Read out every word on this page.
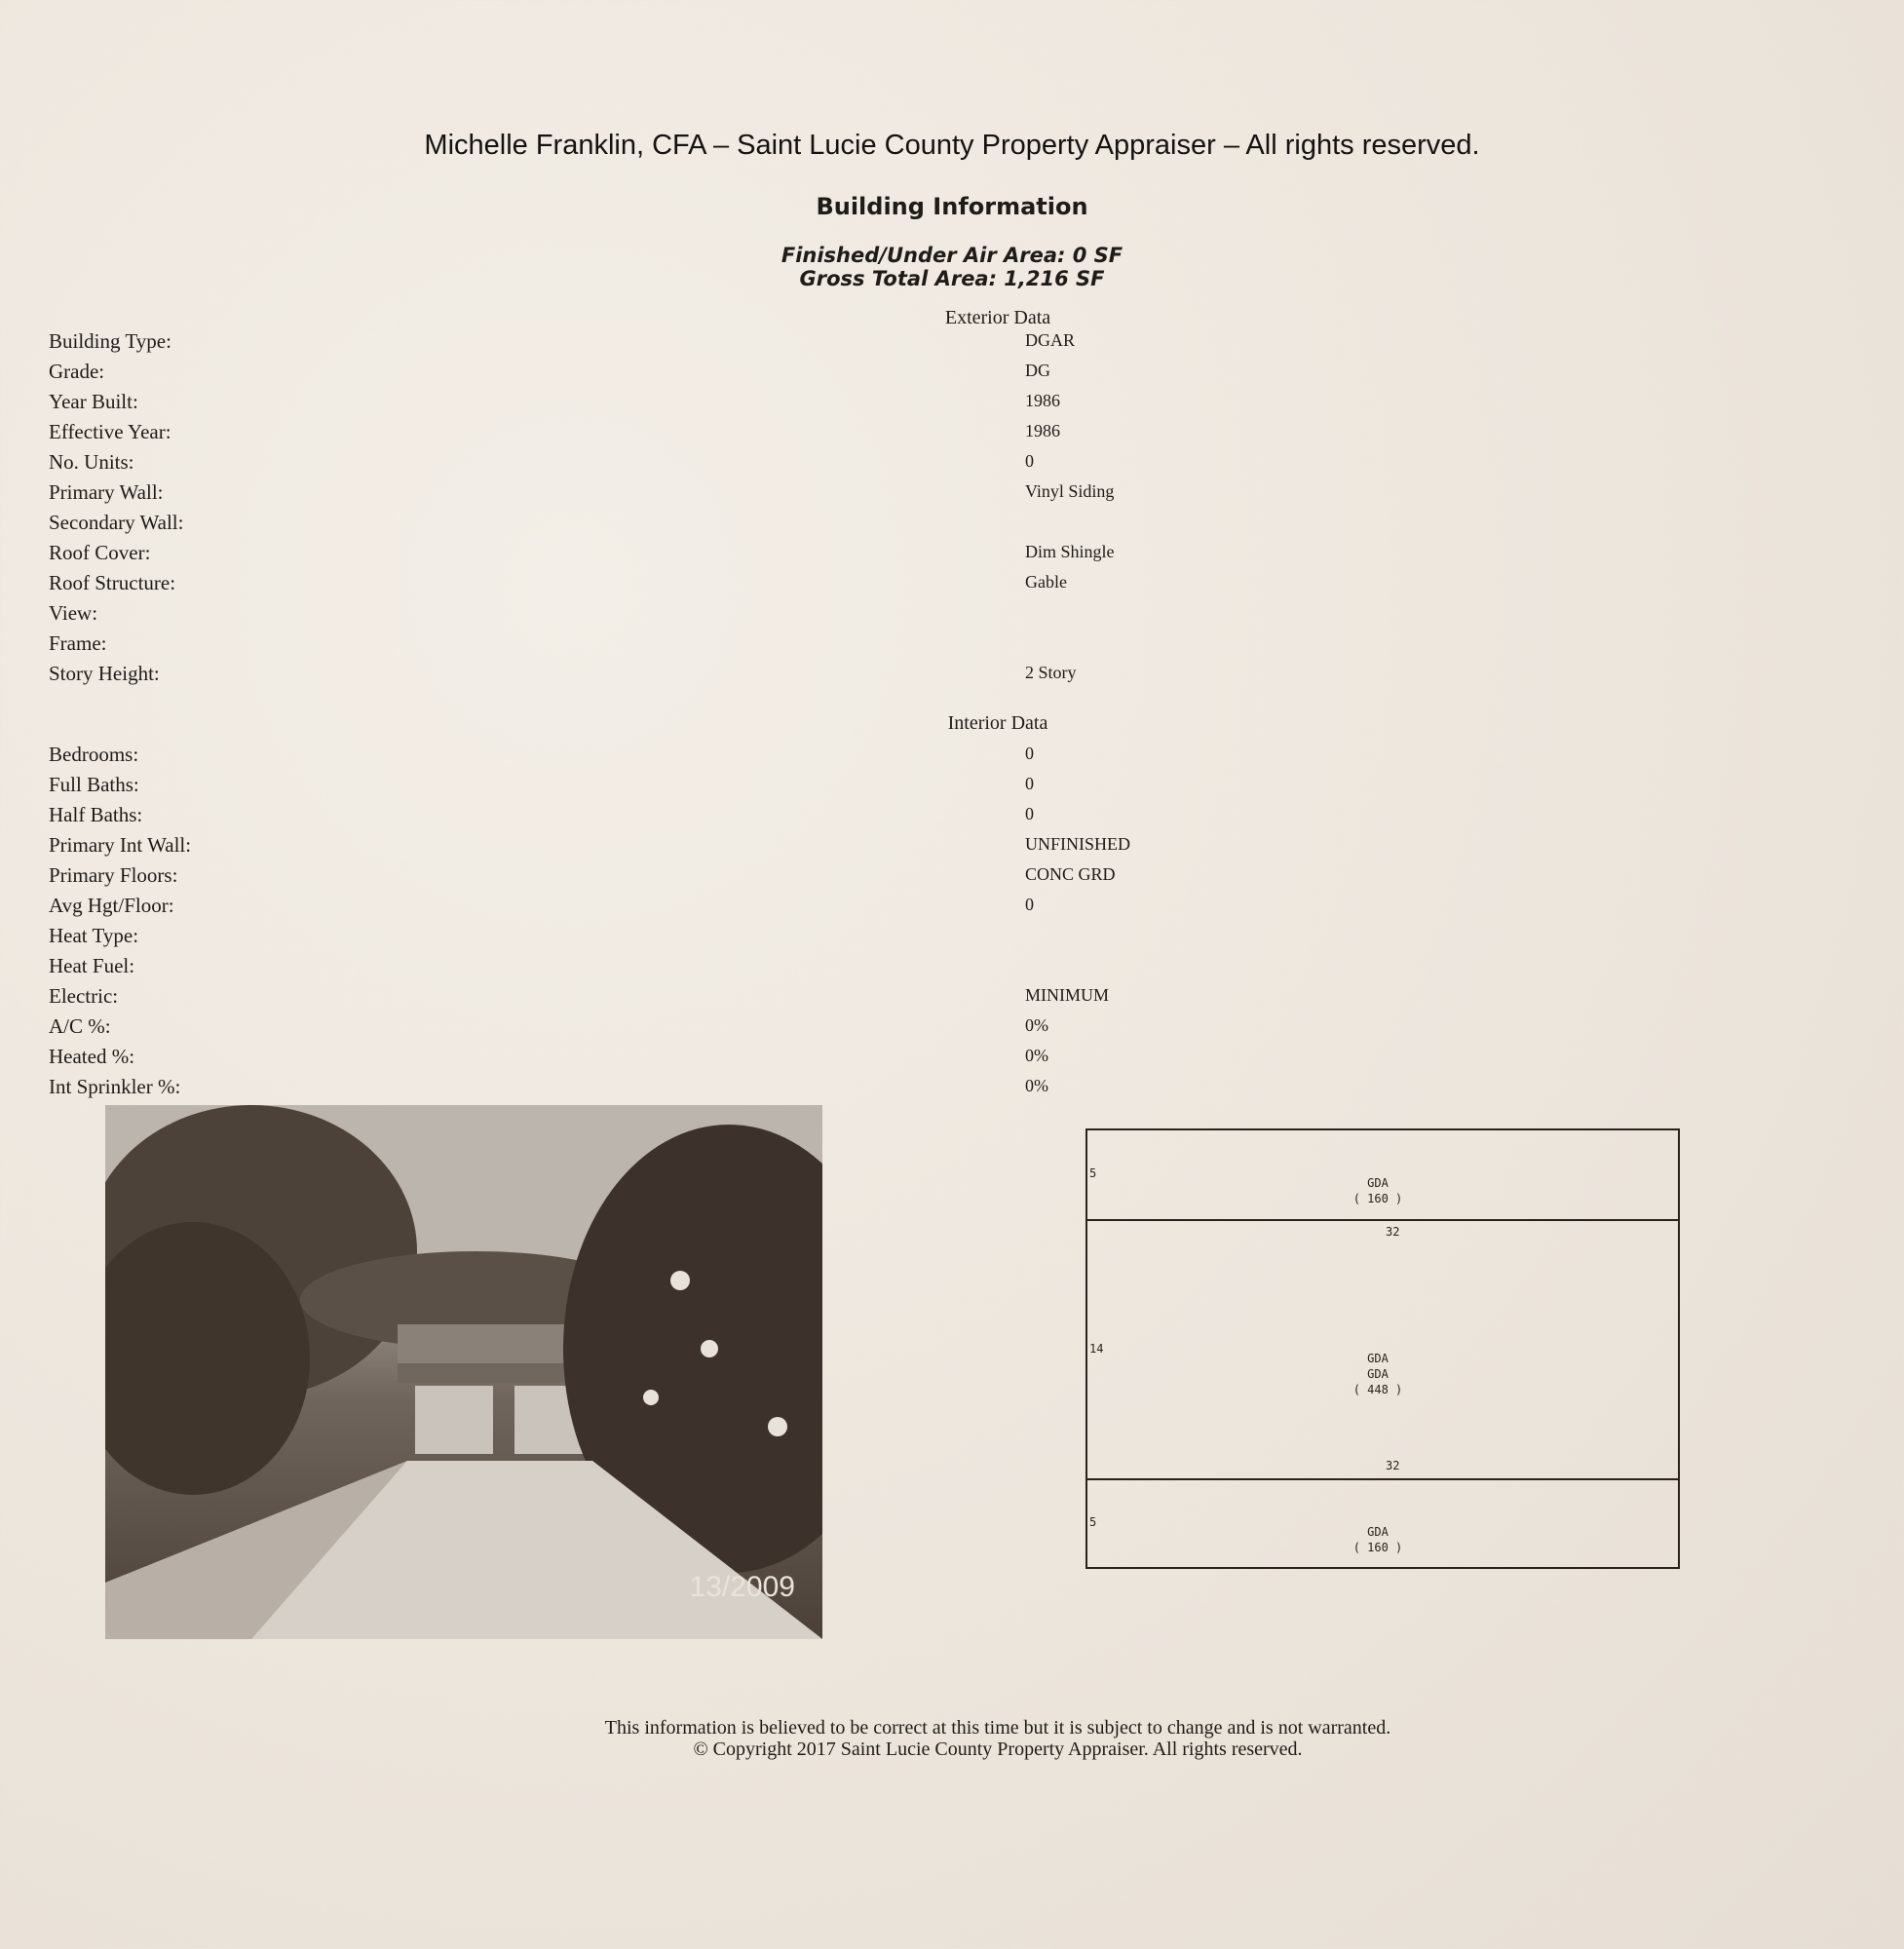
Michelle Franklin, CFA – Saint Lucie County Property Appraiser – All rights reserved.
Building Information
Finished/Under Air Area: 0 SF
Gross Total Area: 1,216 SF
Exterior Data
Building Type:	DGAR
Grade:	DG
Year Built:	1986
Effective Year:	1986
No. Units:	0
Primary Wall:	Vinyl Siding
Secondary Wall:
Roof Cover:	Dim Shingle
Roof Structure:	Gable
View:
Frame:
Story Height:	2 Story
Interior Data
Bedrooms:	0
Full Baths:	0
Half Baths:	0
Primary Int Wall:	UNFINISHED
Primary Floors:	CONC GRD
Avg Hgt/Floor:	0
Heat Type:
Heat Fuel:
Electric:	MINIMUM
A/C %:	0%
Heated %:	0%
Int Sprinkler %:	0%
13/2009
5
GDA
( 160 )
32
14
GDA
GDA
( 448 )
32
5
GDA
( 160 )
This information is believed to be correct at this time but it is subject to change and is not warranted.
© Copyright 2017 Saint Lucie County Property Appraiser. All rights reserved.
